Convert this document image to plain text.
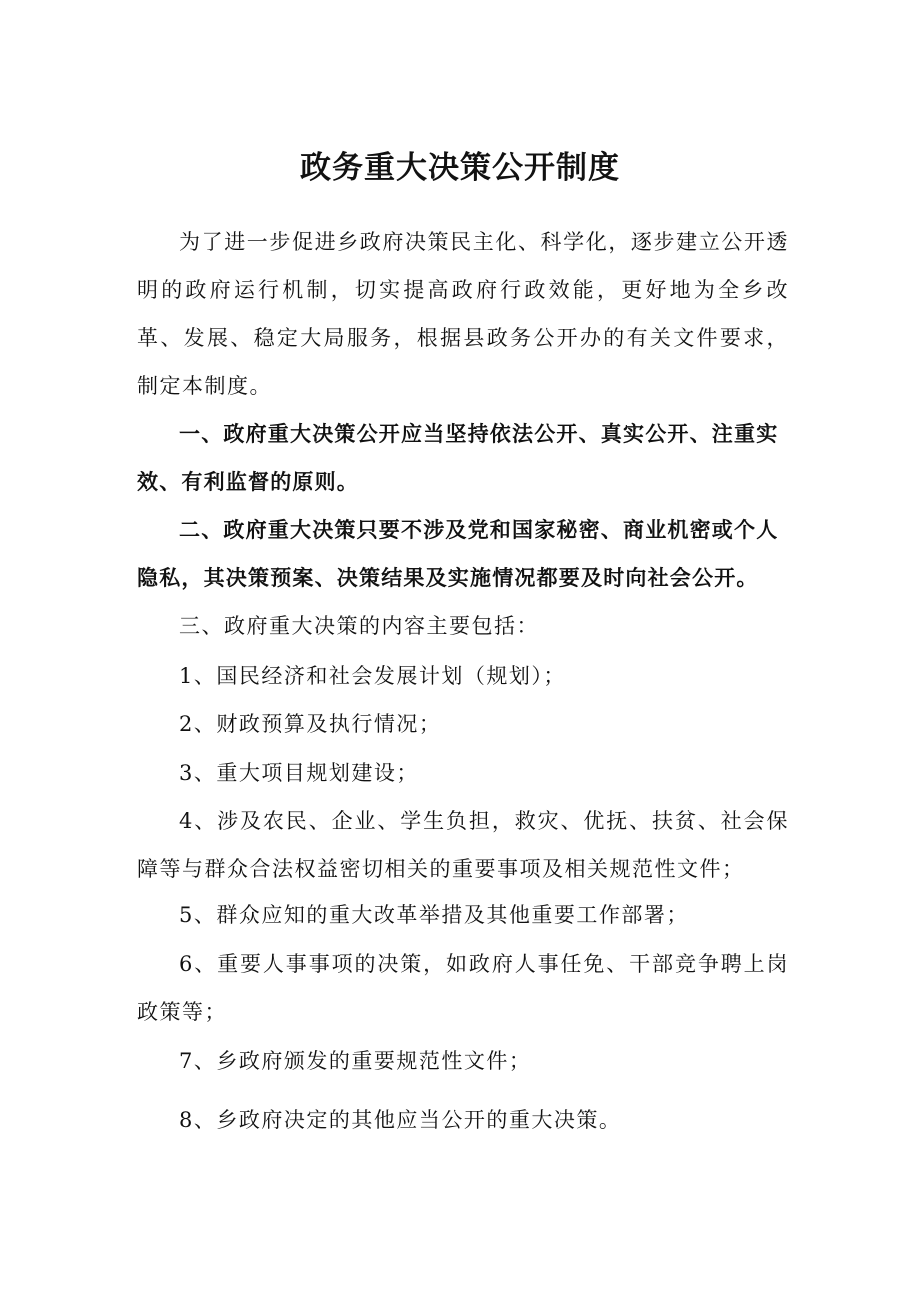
政务重大决策公开制度

为了进一步促进乡政府决策民主化、科学化，逐步建立公开透明的政府运行机制，切实提高政府行政效能，更好地为全乡改革、发展、稳定大局服务，根据县政务公开办的有关文件要求，制定本制度。

一、政府重大决策公开应当坚持依法公开、真实公开、注重实效、有利监督的原则。

二、政府重大决策只要不涉及党和国家秘密、商业机密或个人隐私，其决策预案、决策结果及实施情况都要及时向社会公开。

三、政府重大决策的内容主要包括：

1、国民经济和社会发展计划（规划）；

2、财政预算及执行情况；

3、重大项目规划建设；

4、涉及农民、企业、学生负担，救灾、优抚、扶贫、社会保障等与群众合法权益密切相关的重要事项及相关规范性文件；

5、群众应知的重大改革举措及其他重要工作部署；

6、重要人事事项的决策，如政府人事任免、干部竞争聘上岗政策等；

7、乡政府颁发的重要规范性文件；

8、乡政府决定的其他应当公开的重大决策。
